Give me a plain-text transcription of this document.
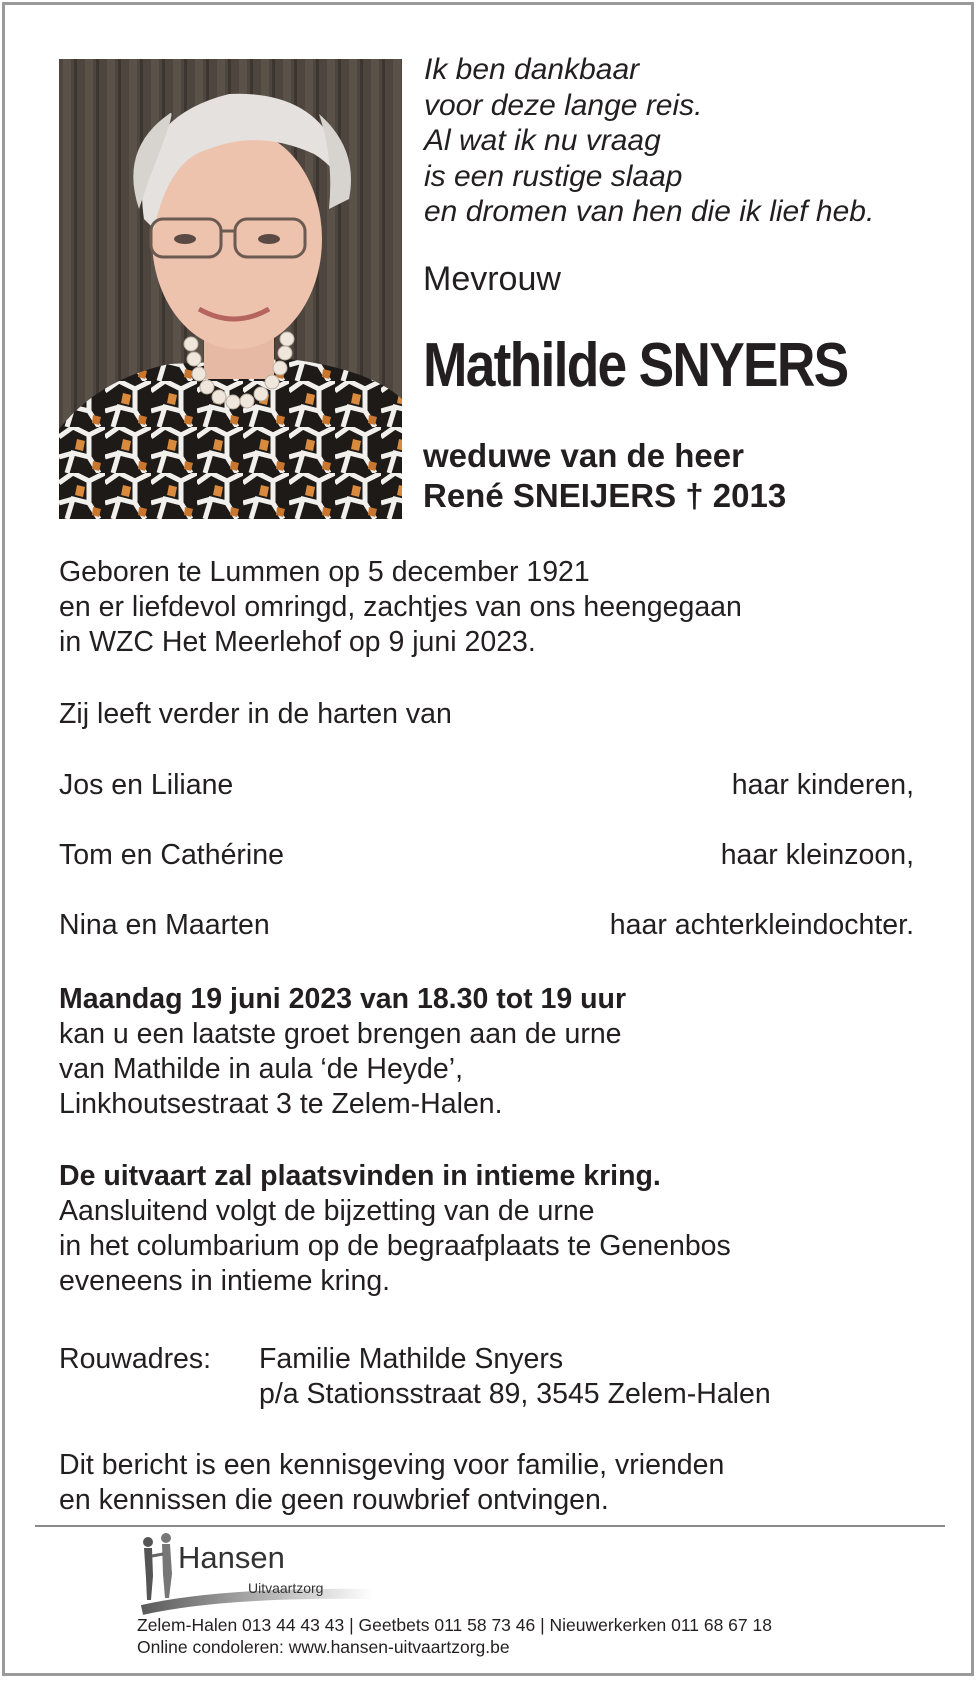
Ik ben dankbaar
voor deze lange reis.
Al wat ik nu vraag
is een rustige slaap
en dromen van hen die ik lief heb.
Mevrouw
Mathilde SNYERS
weduwe van de heer
René SNEIJERS † 2013
Geboren te Lummen op 5 december 1921
en er liefdevol omringd, zachtjes van ons heengegaan
in WZC Het Meerlehof op 9 juni 2023.
Zij leeft verder in de harten van
Jos en Liliane	haar kinderen,
Tom en Cathérine	haar kleinzoon,
Nina en Maarten	haar achterkleindochter.
Maandag 19 juni 2023 van 18.30 tot 19 uur
kan u een laatste groet brengen aan de urne
van Mathilde in aula ‘de Heyde’,
Linkhoutsestraat 3 te Zelem-Halen.
De uitvaart zal plaatsvinden in intieme kring.
Aansluitend volgt de bijzetting van de urne
in het columbarium op de begraafplaats te Genenbos
eveneens in intieme kring.
Rouwadres: Familie Mathilde Snyers
p/a Stationsstraat 89, 3545 Zelem-Halen
Dit bericht is een kennisgeving voor familie, vrienden
en kennissen die geen rouwbrief ontvingen.
Hansen
Uitvaartzorg
Zelem-Halen 013 44 43 43 | Geetbets 011 58 73 46 | Nieuwerkerken 011 68 67 18
Online condoleren: www.hansen-uitvaartzorg.be
